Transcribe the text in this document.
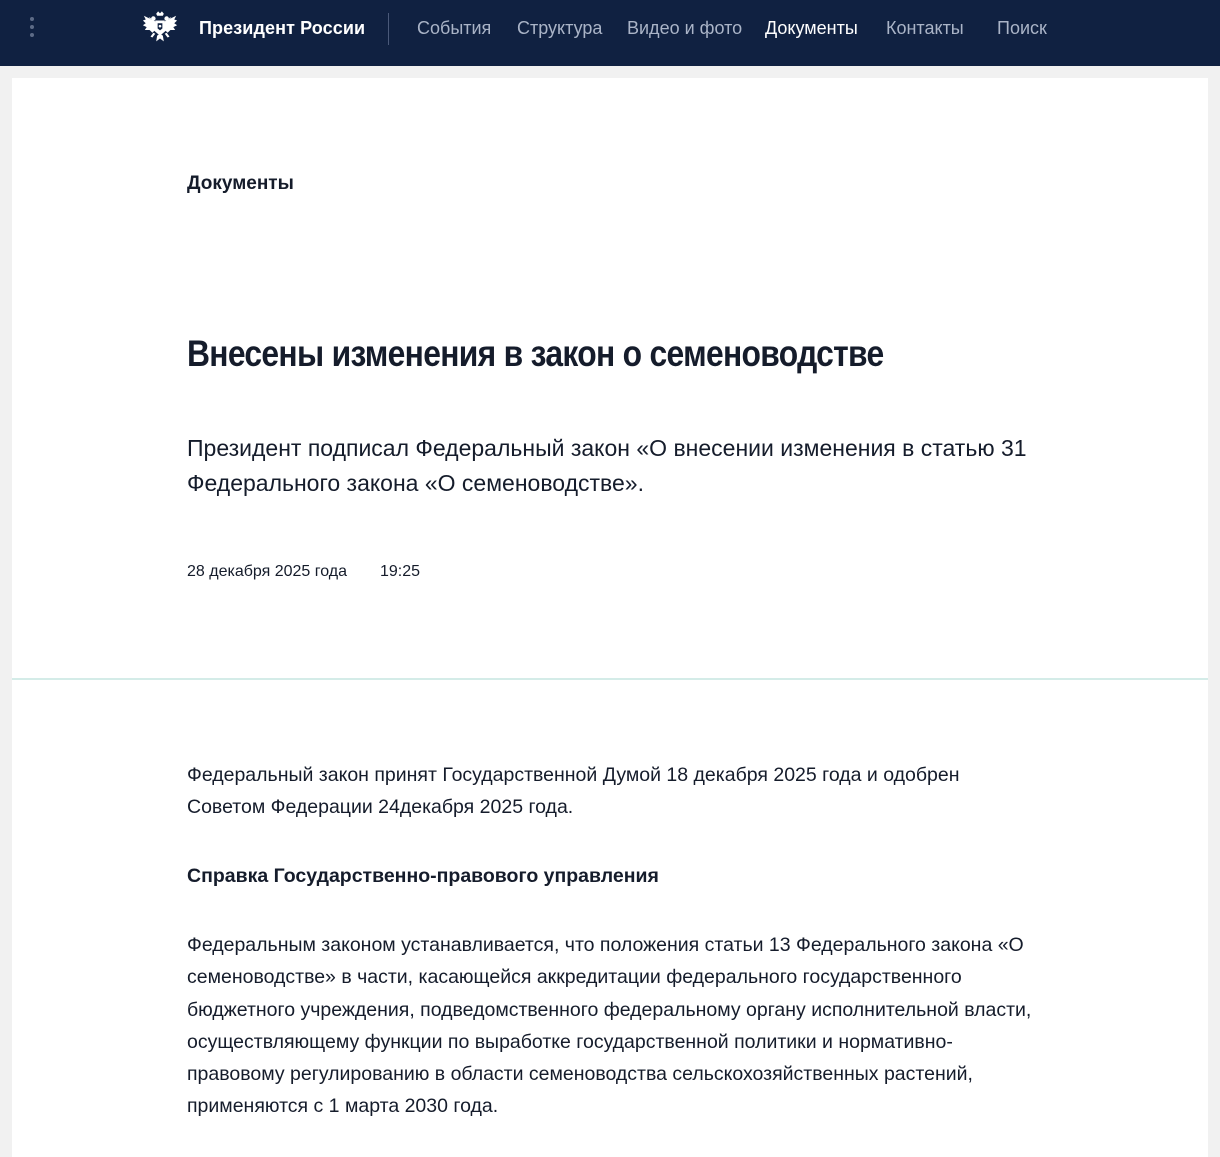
Президент России	События Структура Видео и фото Документы Контакты Поиск
Документы
Внесены изменения в закон о семеноводстве

Президент подписал Федеральный закон «О внесении изменения в статью 31 Федерального закона «О семеноводстве».

28 декабря 2025 года 19:25

Федеральный закон принят Государственной Думой 18 декабря 2025 года и одобрен Советом Федерации 24декабря 2025 года.

Справка Государственно-правового управления

Федеральным законом устанавливается, что положения статьи 13 Федерального закона «О семеноводстве» в части, касающейся аккредитации федерального государственного бюджетного учреждения, подведомственного федеральному органу исполнительной власти, осуществляющему функции по выработке государственной политики и нормативно-правовому регулированию в области семеноводства сельскохозяйственных растений, применяются с 1 марта 2030 года.
